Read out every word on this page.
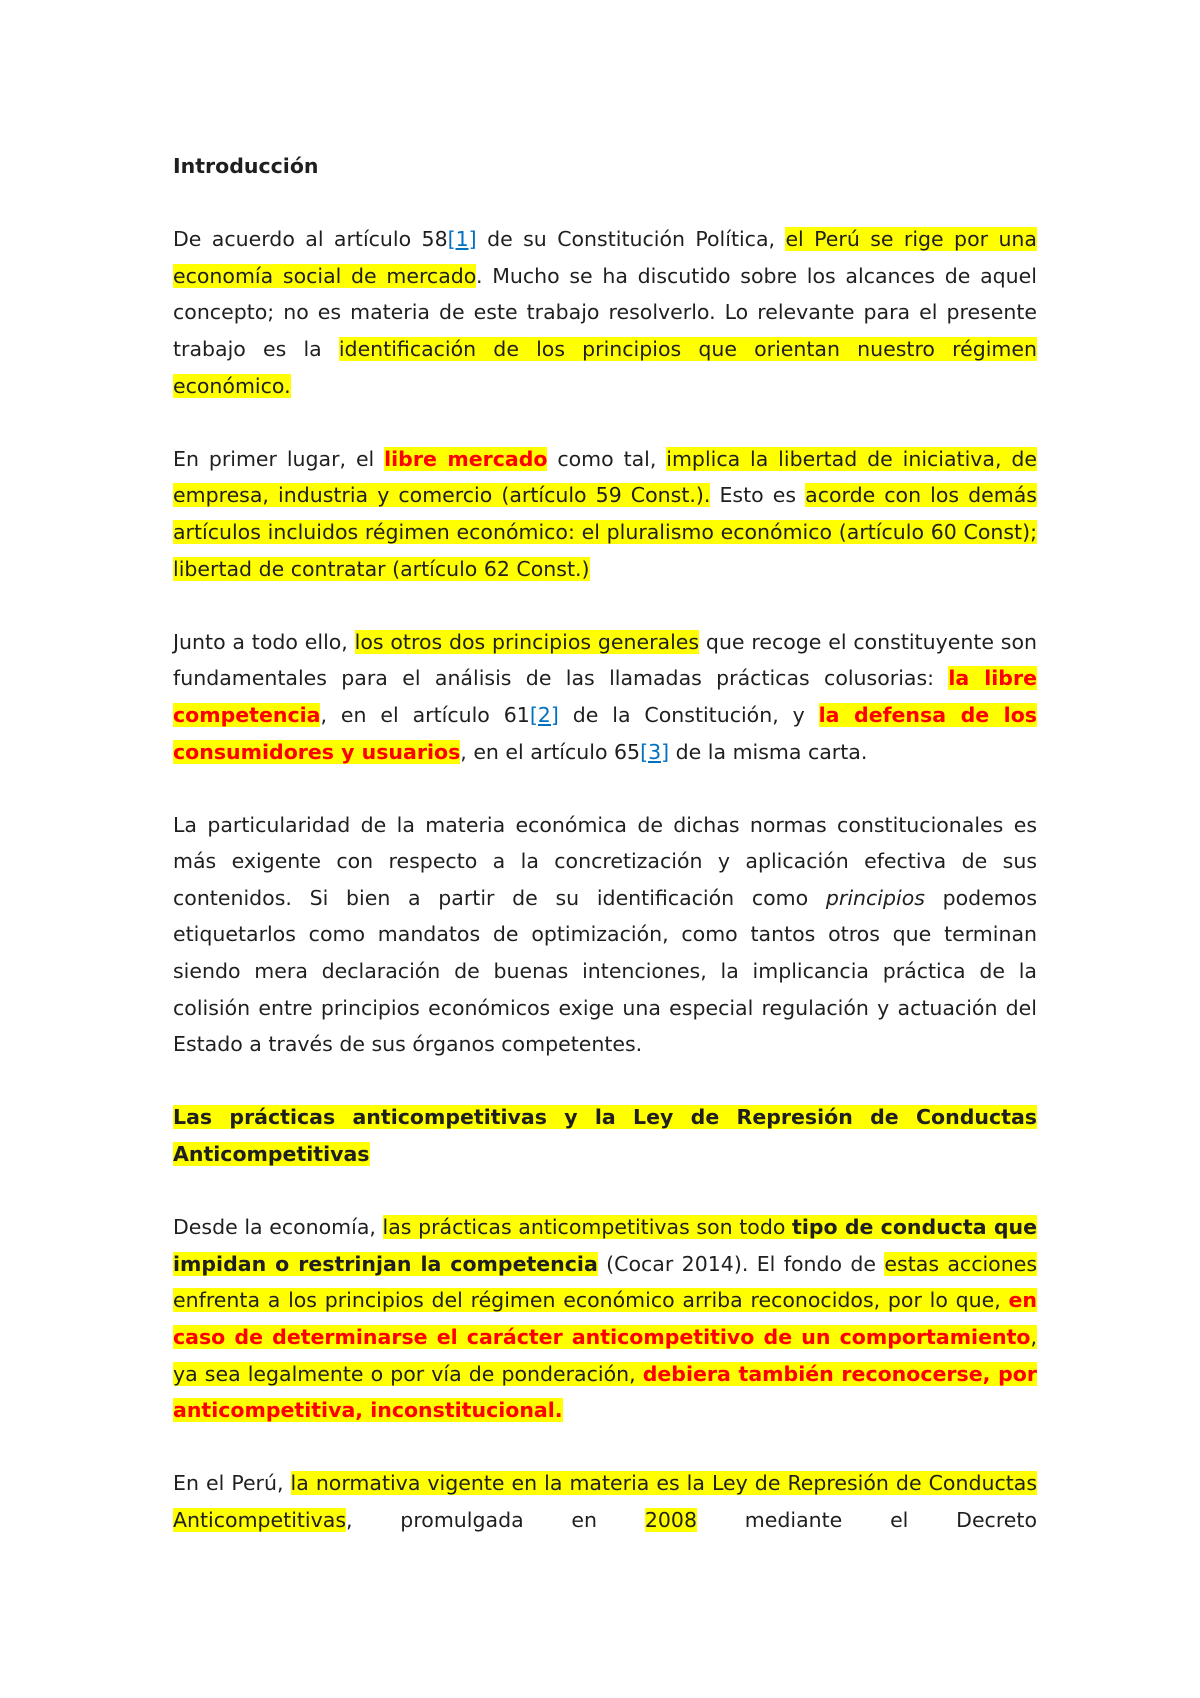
Introducción

De acuerdo al artículo 58[1] de su Constitución Política, el Perú se rige por una economía social de mercado. Mucho se ha discutido sobre los alcances de aquel concepto; no es materia de este trabajo resolverlo. Lo relevante para el presente trabajo es la identificación de los principios que orientan nuestro régimen económico.

En primer lugar, el libre mercado como tal, implica la libertad de iniciativa, de empresa, industria y comercio (artículo 59 Const.). Esto es acorde con los demás artículos incluidos régimen económico: el pluralismo económico (artículo 60 Const); libertad de contratar (artículo 62 Const.)

Junto a todo ello, los otros dos principios generales que recoge el constituyente son fundamentales para el análisis de las llamadas prácticas colusorias: la libre competencia, en el artículo 61[2] de la Constitución, y la defensa de los consumidores y usuarios, en el artículo 65[3] de la misma carta.

La particularidad de la materia económica de dichas normas constitucionales es más exigente con respecto a la concretización y aplicación efectiva de sus contenidos. Si bien a partir de su identificación como principios podemos etiquetarlos como mandatos de optimización, como tantos otros que terminan siendo mera declaración de buenas intenciones, la implicancia práctica de la colisión entre principios económicos exige una especial regulación y actuación del Estado a través de sus órganos competentes.

Las prácticas anticompetitivas y la Ley de Represión de Conductas Anticompetitivas

Desde la economía, las prácticas anticompetitivas son todo tipo de conducta que impidan o restrinjan la competencia (Cocar 2014). El fondo de estas acciones enfrenta a los principios del régimen económico arriba reconocidos, por lo que, en caso de determinarse el carácter anticompetitivo de un comportamiento, ya sea legalmente o por vía de ponderación, debiera también reconocerse, por anticompetitiva, inconstitucional.

En el Perú, la normativa vigente en la materia es la Ley de Represión de Conductas Anticompetitivas, promulgada en 2008 mediante el Decreto
